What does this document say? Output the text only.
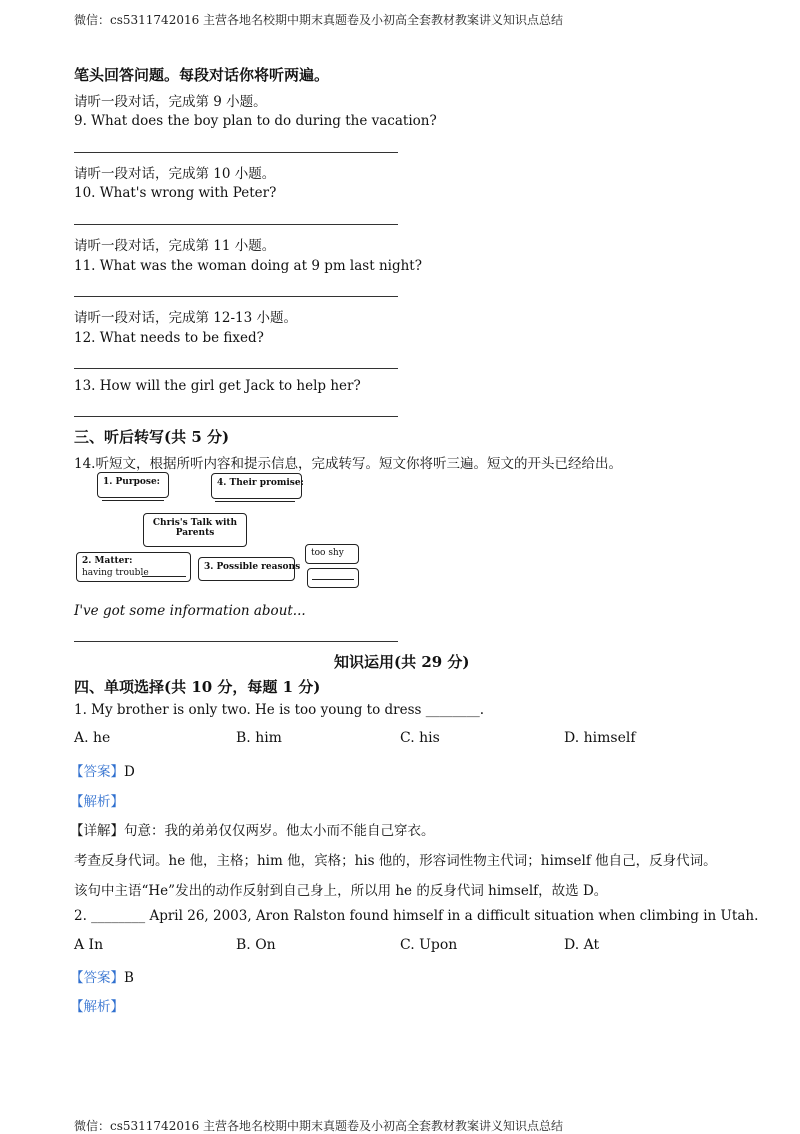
微信：cs5311742016 主营各地名校期中期末真题卷及小初高全套教材教案讲义知识点总结
笔头回答问题。每段对话你将听两遍。
请听一段对话，完成第 9 小题。
9. What does the boy plan to do during the vacation?
请听一段对话，完成第 10 小题。
10. What's wrong with Peter?
请听一段对话，完成第 11 小题。
11. What was the woman doing at 9 pm last night?
请听一段对话，完成第 12-13 小题。
12. What needs to be fixed?
13. How will the girl get Jack to help her?
三、听后转写(共 5 分)
14.听短文，根据所听内容和提示信息，完成转写。短文你将听三遍。短文的开头已经给出。
1. Purpose:	4. Their promise:
Chris's Talk with
Parents
2. Matter:
having trouble
3. Possible reasons
too shy
I've got some information about...
知识运用(共 29 分)
四、单项选择(共 10 分，每题 1 分)
1. My brother is only two. He is too young to dress ________.
A. he	B. him	C. his	D. himself
【答案】D
【解析】
【详解】句意：我的弟弟仅仅两岁。他太小而不能自己穿衣。
考查反身代词。he 他，主格；him 他，宾格；his 他的，形容词性物主代词；himself 他自己，反身代词。
该句中主语“He”发出的动作反射到自己身上，所以用 he 的反身代词 himself，故选 D。
2. ________ April 26, 2003, Aron Ralston found himself in a difficult situation when climbing in Utah.
A In	B. On	C. Upon	D. At
【答案】B
【解析】
微信：cs5311742016 主营各地名校期中期末真题卷及小初高全套教材教案讲义知识点总结
